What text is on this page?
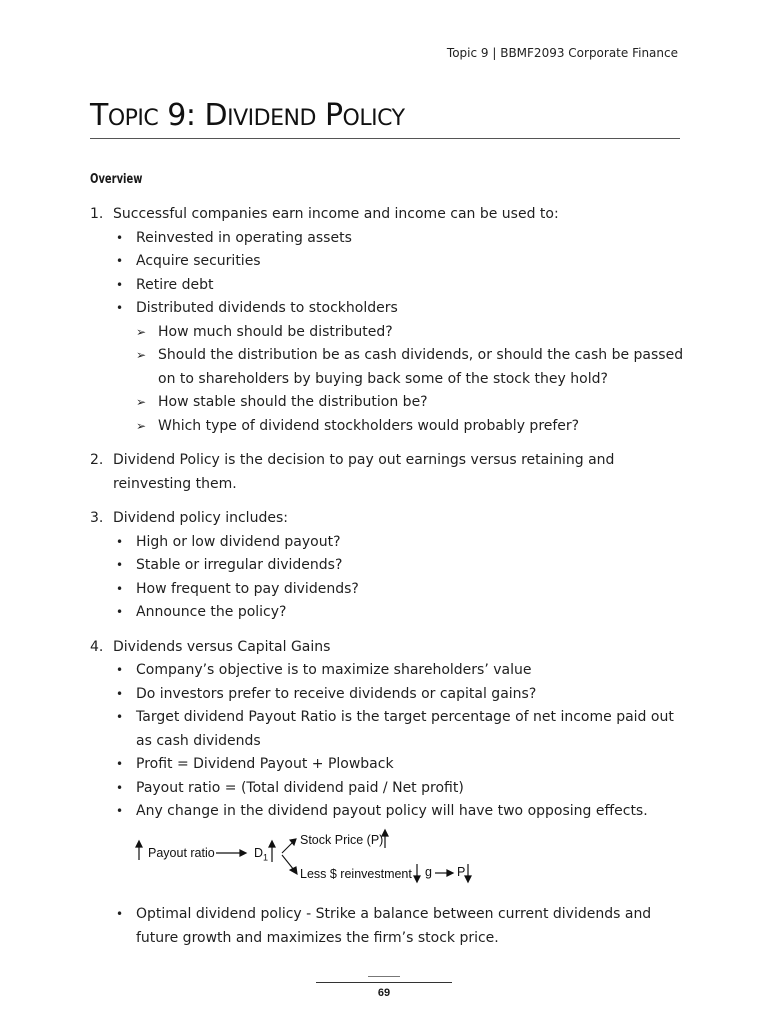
Topic 9 | BBMF2093 Corporate Finance
TOPIC 9: DIVIDEND POLICY
Overview
1. Successful companies earn income and income can be used to:
• Reinvested in operating assets
• Acquire securities
• Retire debt
• Distributed dividends to stockholders
➢ How much should be distributed?
➢ Should the distribution be as cash dividends, or should the cash be passed on to shareholders by buying back some of the stock they hold?
➢ How stable should the distribution be?
➢ Which type of dividend stockholders would probably prefer?
2. Dividend Policy is the decision to pay out earnings versus retaining and reinvesting them.
3. Dividend policy includes:
• High or low dividend payout?
• Stable or irregular dividends?
• How frequent to pay dividends?
• Announce the policy?
4. Dividends versus Capital Gains
• Company’s objective is to maximize shareholders’ value
• Do investors prefer to receive dividends or capital gains?
• Target dividend Payout Ratio is the target percentage of net income paid out as cash dividends
• Profit = Dividend Payout + Plowback
• Payout ratio = (Total dividend paid / Net profit)
• Any change in the dividend payout policy will have two opposing effects.
Payout ratio	$D_1$
Stock Price (P)
Less $ reinvestment g P
• Optimal dividend policy - Strike a balance between current dividends and future growth and maximizes the firm’s stock price.
69
